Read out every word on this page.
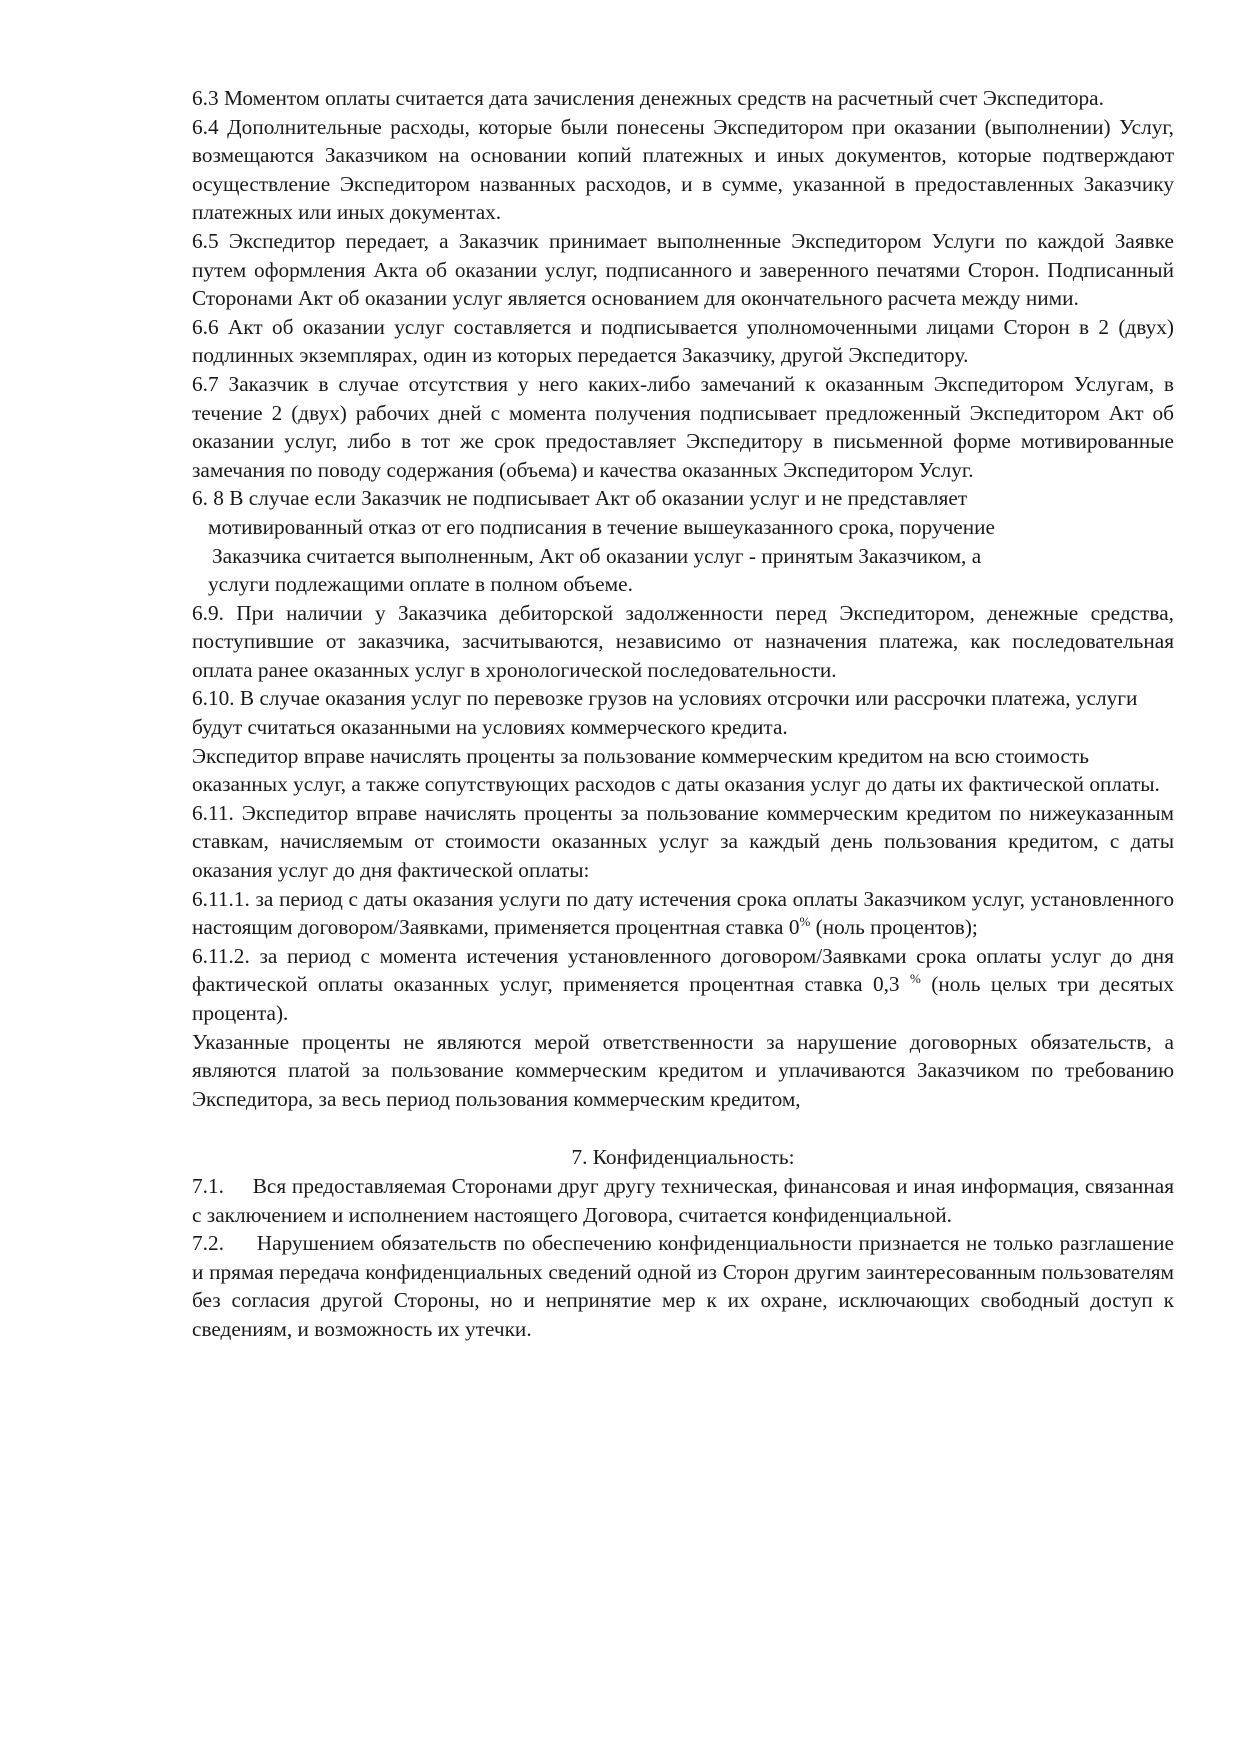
6.3 Моментом оплаты считается дата зачисления денежных средств на расчетный счет Экспедитора.

6.4 Дополнительные расходы, которые были понесены Экспедитором при оказании (выполнении) Услуг, возмещаются Заказчиком на основании копий платежных и иных документов, которые подтверждают осуществление Экспедитором названных расходов, и в сумме, указанной в предоставленных Заказчику платежных или иных документах.

6.5 Экспедитор передает, а Заказчик принимает выполненные Экспедитором Услуги по каждой Заявке путем оформления Акта об оказании услуг, подписанного и заверенного печатями Сторон. Подписанный Сторонами Акт об оказании услуг является основанием для окончательного расчета между ними.

6.6 Акт об оказании услуг составляется и подписывается уполномоченными лицами Сторон в 2 (двух) подлинных экземплярах, один из которых передается Заказчику, другой Экспедитору.

6.7 Заказчик в случае отсутствия у него каких-либо замечаний к оказанным Экспедитором Услугам, в течение 2 (двух) рабочих дней с момента получения подписывает предложенный Экспедитором Акт об оказании услуг, либо в тот же срок предоставляет Экспедитору в письменной форме мотивированные замечания по поводу содержания (объема) и качества оказанных Экспедитором Услуг.

6. 8 В случае если Заказчик не подписывает Акт об оказании услуг и не представляет

мотивированный отказ от его подписания в течение вышеуказанного срока, поручение

Заказчика считается выполненным, Акт об оказании услуг - принятым Заказчиком, а

услуги подлежащими оплате в полном объеме.

6.9. При наличии у Заказчика дебиторской задолженности перед Экспедитором, денежные средства, поступившие от заказчика, засчитываются, независимо от назначения платежа, как последовательная оплата ранее оказанных услуг в хронологической последовательности.

6.10. В случае оказания услуг по перевозке грузов на условиях отсрочки или рассрочки платежа, услуги будут считаться оказанными на условиях коммерческого кредита.

Экспедитор вправе начислять проценты за пользование коммерческим кредитом на всю стоимость оказанных услуг, а также сопутствующих расходов с даты оказания услуг до даты их фактической оплаты.

6.11. Экспедитор вправе начислять проценты за пользование коммерческим кредитом по нижеуказанным ставкам, начисляемым от стоимости оказанных услуг за каждый день пользования кредитом, с даты оказания услуг до дня фактической оплаты:

6.11.1. за период с даты оказания услуги по дату истечения срока оплаты Заказчиком услуг, установленного настоящим договором/Заявками, применяется процентная ставка 0% (ноль процентов);

6.11.2. за период с момента истечения установленного договором/Заявками срока оплаты услуг до дня фактической оплаты оказанных услуг, применяется процентная ставка 0,3 % (ноль целых три десятых процента).

Указанные проценты не являются мерой ответственности за нарушение договорных обязательств, а являются платой за пользование коммерческим кредитом и уплачиваются Заказчиком по требованию Экспедитора, за весь период пользования коммерческим кредитом,

7. Конфиденциальность:

7.1.     Вся предоставляемая Сторонами друг другу техническая, финансовая и иная информация, связанная с заключением и исполнением настоящего Договора, считается конфиденциальной.

7.2.     Нарушением обязательств по обеспечению конфиденциальности признается не только разглашение и прямая передача конфиденциальных сведений одной из Сторон другим заинтересованным пользователям без согласия другой Стороны, но и непринятие мер к их охране, исключающих свободный доступ к сведениям, и возможность их утечки.
